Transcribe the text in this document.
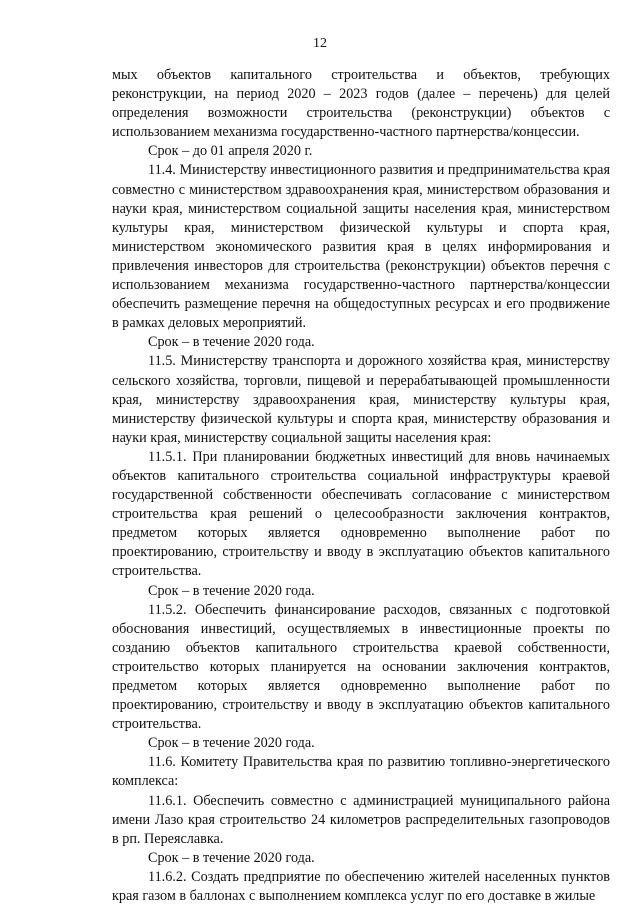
12

мых объектов капитального строительства и объектов, требующих реконструкции, на период 2020 – 2023 годов (далее – перечень) для целей определения возможности строительства (реконструкции) объектов с использованием механизма государственно-частного партнерства/концессии.

Срок – до 01 апреля 2020 г.

11.4. Министерству инвестиционного развития и предпринимательства края совместно с министерством здравоохранения края, министерством образования и науки края, министерством социальной защиты населения края, министерством культуры края, министерством физической культуры и спорта края, министерством экономического развития края в целях информирования и привлечения инвесторов для строительства (реконструкции) объектов перечня с использованием механизма государственно-частного партнерства/концессии обеспечить размещение перечня на общедоступных ресурсах и его продвижение в рамках деловых мероприятий.

Срок – в течение 2020 года.

11.5. Министерству транспорта и дорожного хозяйства края, министерству сельского хозяйства, торговли, пищевой и перерабатывающей промышленности края, министерству здравоохранения края, министерству культуры края, министерству физической культуры и спорта края, министерству образования и науки края, министерству социальной защиты населения края:

11.5.1. При планировании бюджетных инвестиций для вновь начинаемых объектов капитального строительства социальной инфраструктуры краевой государственной собственности обеспечивать согласование с министерством строительства края решений о целесообразности заключения контрактов, предметом которых является одновременно выполнение работ по проектированию, строительству и вводу в эксплуатацию объектов капитального строительства.

Срок – в течение 2020 года.

11.5.2. Обеспечить финансирование расходов, связанных с подготовкой обоснования инвестиций, осуществляемых в инвестиционные проекты по созданию объектов капитального строительства краевой собственности, строительство которых планируется на основании заключения контрактов, предметом которых является одновременно выполнение работ по проектированию, строительству и вводу в эксплуатацию объектов капитального строительства.

Срок – в течение 2020 года.

11.6. Комитету Правительства края по развитию топливно-энергетического комплекса:

11.6.1. Обеспечить совместно с администрацией муниципального района имени Лазо края строительство 24 километров распределительных газопроводов в рп. Переяславка.

Срок – в течение 2020 года.

11.6.2. Создать предприятие по обеспечению жителей населенных пунктов края газом в баллонах с выполнением комплекса услуг по его доставке в жилые
